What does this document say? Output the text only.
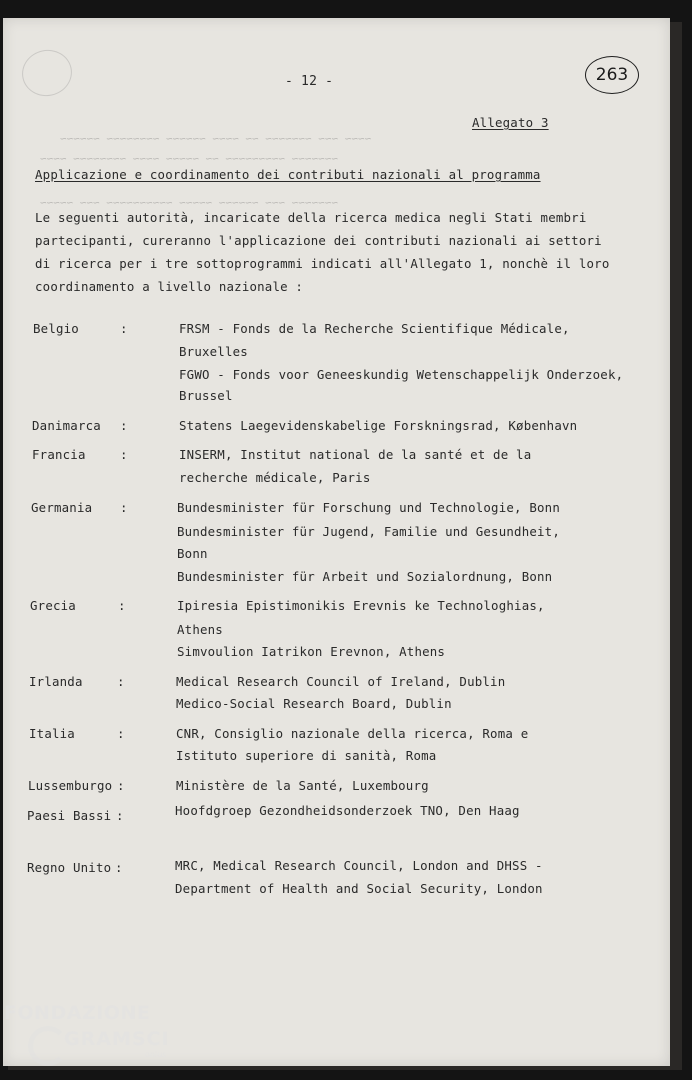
~~~~ ~~~ ~~~~~~~ ~~ ~~~~ ~~~~~~ ~~~~~~~~ ~~~~~~
~~~~~~~ ~~~~~~~~~ ~~ ~~~~~ ~~~~ ~~~~~~~~ ~~~~
~~~~~~~ ~~~ ~~~~~~ ~~~~~ ~~~~~~~~~~ ~~~ ~~~~~
- 12 -	263
Allegato 3
Applicazione e coordinamento dei contributi nazionali al programma
Le seguenti autorità, incaricate della ricerca medica negli Stati membri
partecipanti, cureranno l'applicazione dei contributi nazionali ai settori
di ricerca per i tre sottoprogrammi indicati all'Allegato 1, nonchè il loro
coordinamento a livello nazionale :
Belgio	:	FRSM - Fonds de la Recherche Scientifique Médicale,
Bruxelles
FGWO - Fonds voor Geneeskundig Wetenschappelijk Onderzoek,
Brussel
Danimarca :	Statens Laegevidenskabelige Forskningsrad, København
Francia	:	INSERM, Institut national de la santé et de la
recherche médicale, Paris
Germania :	Bundesminister für Forschung und Technologie, Bonn
Bundesminister für Jugend, Familie und Gesundheit,
Bonn
Bundesminister für Arbeit und Sozialordnung, Bonn
Grecia	:	Ipiresia Epistimonikis Erevnis ke Technologhias,
Athens
Simvoulion Iatrikon Erevnon, Athens
Irlanda	:	Medical Research Council of Ireland, Dublin
Medico-Social Research Board, Dublin
Italia	:	CNR, Consiglio nazionale della ricerca, Roma e
Istituto superiore di sanità, Roma
Lussemburgo :	Ministère de la Santé, Luxembourg
Paesi Bassi :	Hoofdgroep Gezondheidsonderzoek TNO, Den Haag
Regno Unito :	MRC, Medical Research Council, London and DHSS -
Department of Health and Social Security, London
FONDAZIONE
GRAMSCI
onlus
